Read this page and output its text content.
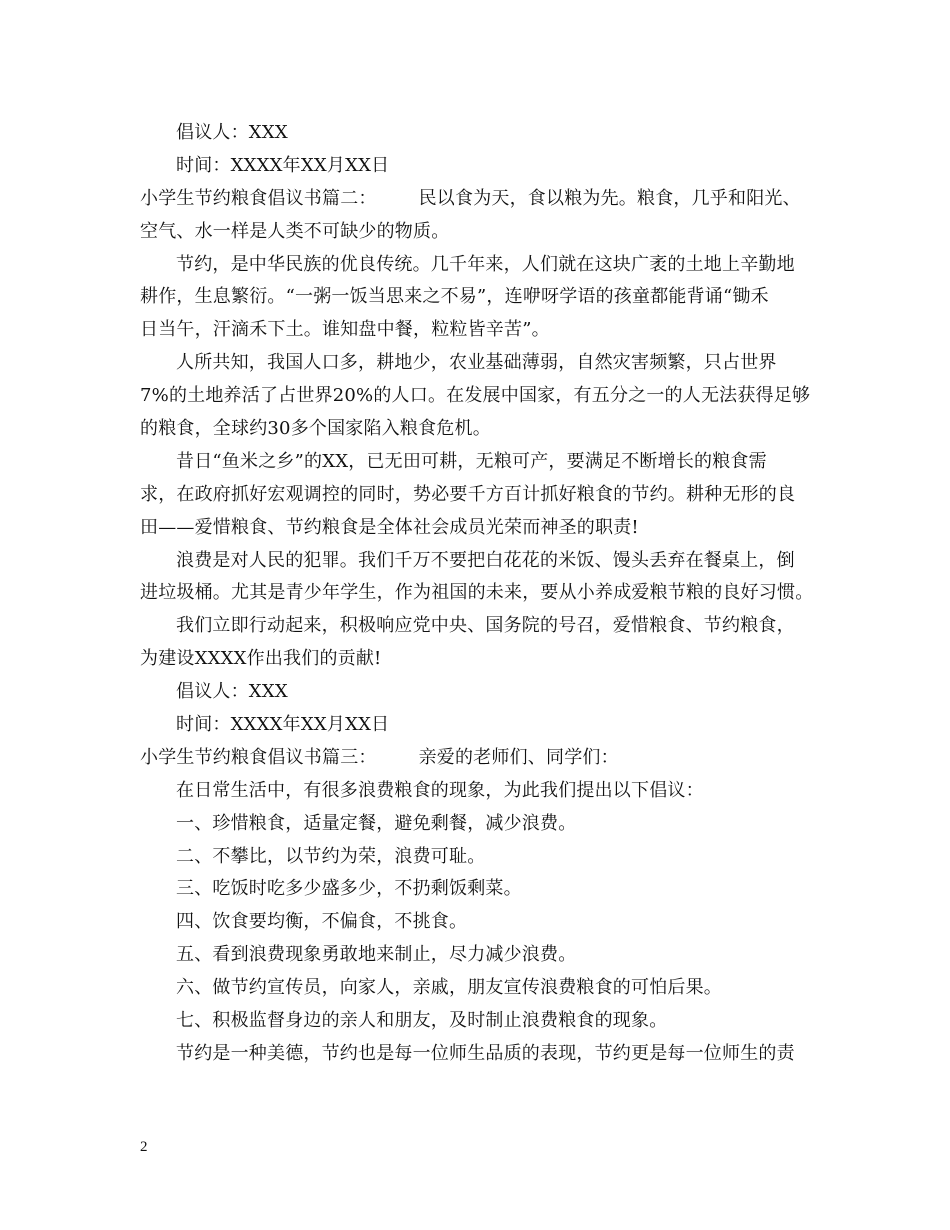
倡议人：XXX
时间：XXXX年XX月XX日
小学生节约粮食倡议书篇二： 民以食为天，食以粮为先。粮食，几乎和阳光、
空气、水一样是人类不可缺少的物质。
节约，是中华民族的优良传统。几千年来，人们就在这块广袤的土地上辛勤地
耕作，生息繁衍。“一粥一饭当思来之不易”，连咿呀学语的孩童都能背诵“锄禾
日当午，汗滴禾下土。谁知盘中餐，粒粒皆辛苦”。
人所共知，我国人口多，耕地少，农业基础薄弱，自然灾害频繁，只占世界
7%的土地养活了占世界20%的人口。在发展中国家，有五分之一的人无法获得足够
的粮食，全球约30多个国家陷入粮食危机。
昔日“鱼米之乡”的XX，已无田可耕，无粮可产，要满足不断增长的粮食需
求，在政府抓好宏观调控的同时，势必要千方百计抓好粮食的节约。耕种无形的良
田——爱惜粮食、节约粮食是全体社会成员光荣而神圣的职责!
浪费是对人民的犯罪。我们千万不要把白花花的米饭、馒头丢弃在餐桌上，倒
进垃圾桶。尤其是青少年学生，作为祖国的未来，要从小养成爱粮节粮的良好习惯。
我们立即行动起来，积极响应党中央、国务院的号召，爱惜粮食、节约粮食，
为建设XXXX作出我们的贡献!
倡议人：XXX
时间：XXXX年XX月XX日
小学生节约粮食倡议书篇三： 亲爱的老师们、同学们：
在日常生活中，有很多浪费粮食的现象，为此我们提出以下倡议：
一、珍惜粮食，适量定餐，避免剩餐，减少浪费。
二、不攀比，以节约为荣，浪费可耻。
三、吃饭时吃多少盛多少，不扔剩饭剩菜。
四、饮食要均衡，不偏食，不挑食。
五、看到浪费现象勇敢地来制止，尽力减少浪费。
六、做节约宣传员，向家人，亲戚，朋友宣传浪费粮食的可怕后果。
七、积极监督身边的亲人和朋友，及时制止浪费粮食的现象。
节约是一种美德，节约也是每一位师生品质的表现，节约更是每一位师生的责
2
